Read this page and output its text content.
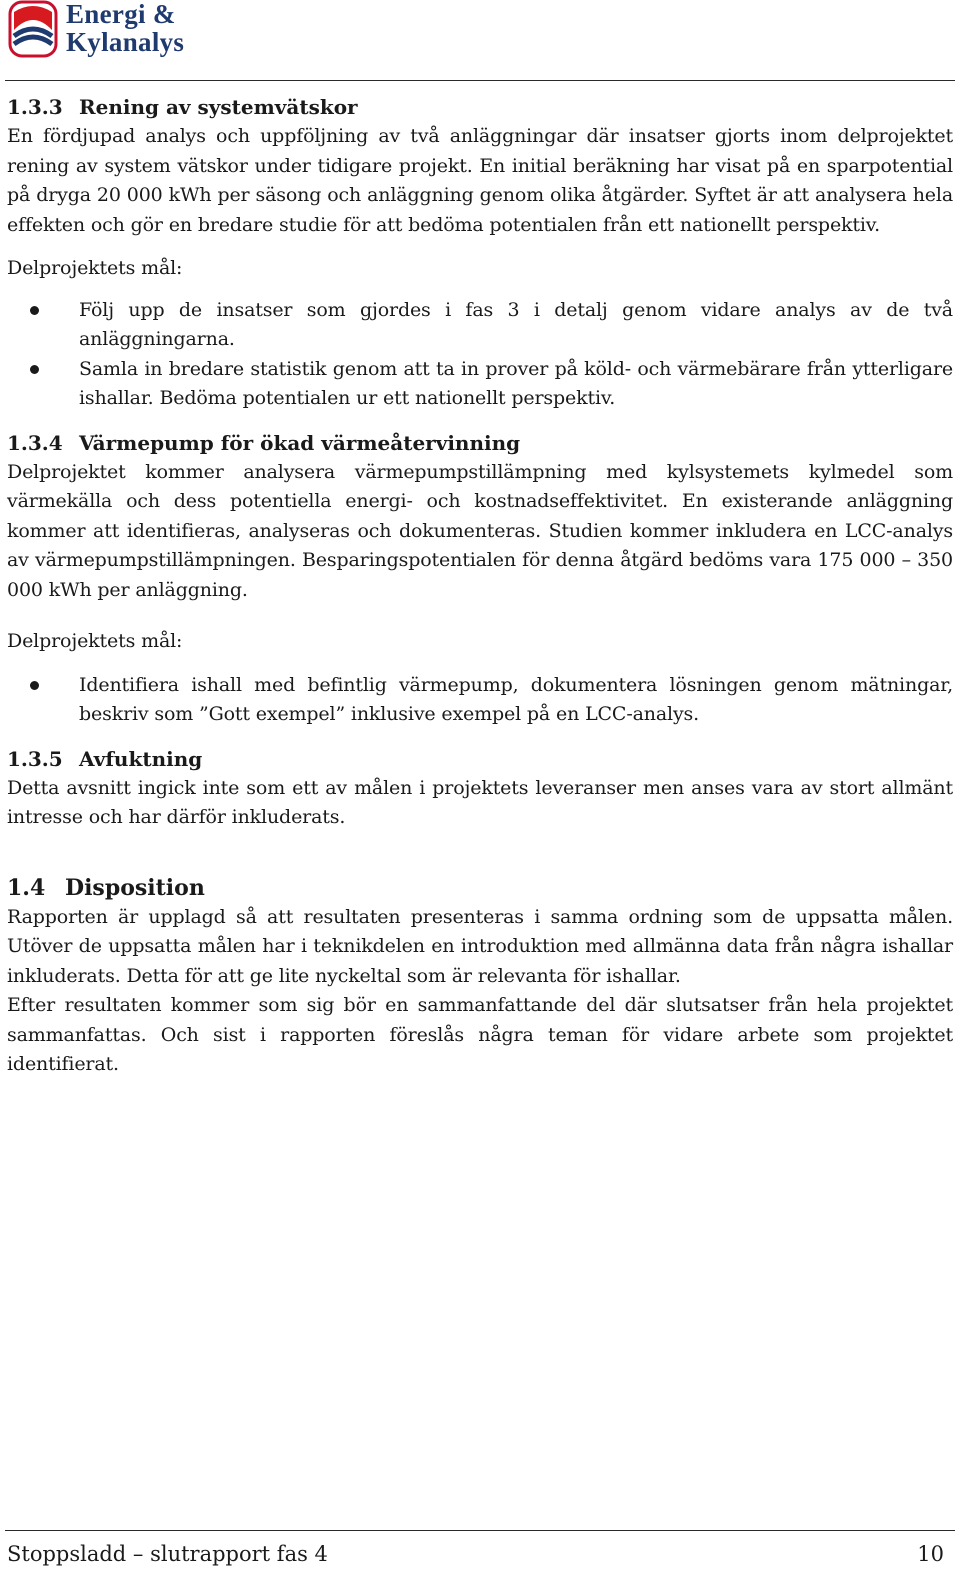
Energi &
Kylanalys
1.3.3 Rening av systemvätskor

En fördjupad analys och uppföljning av två anläggningar där insatser gjorts inom delprojektet rening av system vätskor under tidigare projekt. En initial beräkning har visat på en sparpotential på dryga 20 000 kWh per säsong och anläggning genom olika åtgärder. Syftet är att analysera hela effekten och gör en bredare studie för att bedöma potentialen från ett nationellt perspektiv.

Delprojektets mål:

Följ upp de insatser som gjordes i fas 3 i detalj genom vidare analys av de två anläggningarna.
Samla in bredare statistik genom att ta in prover på köld- och värmebärare från ytterligare ishallar. Bedöma potentialen ur ett nationellt perspektiv.
1.3.4 Värmepump för ökad värmeåtervinning

Delprojektet kommer analysera värmepumpstillämpning med kylsystemets kylmedel som värmekälla och dess potentiella energi- och kostnadseffektivitet. En existerande anläggning kommer att identifieras, analyseras och dokumenteras. Studien kommer inkludera en LCC-analys av värmepumpstillämpningen. Besparingspotentialen för denna åtgärd bedöms vara 175 000 – 350 000 kWh per anläggning.

Delprojektets mål:

Identifiera ishall med befintlig värmepump, dokumentera lösningen genom mätningar, beskriv som ”Gott exempel” inklusive exempel på en LCC-analys.
1.3.5 Avfuktning

Detta avsnitt ingick inte som ett av målen i projektets leveranser men anses vara av stort allmänt intresse och har därför inkluderats.

1.4 Disposition

Rapporten är upplagd så att resultaten presenteras i samma ordning som de uppsatta målen. Utöver de uppsatta målen har i teknikdelen en introduktion med allmänna data från några ishallar inkluderats. Detta för att ge lite nyckeltal som är relevanta för ishallar.

Efter resultaten kommer som sig bör en sammanfattande del där slutsatser från hela projektet sammanfattas. Och sist i rapporten föreslås några teman för vidare arbete som projektet identifierat.

Stoppsladd – slutrapport fas 4	10
